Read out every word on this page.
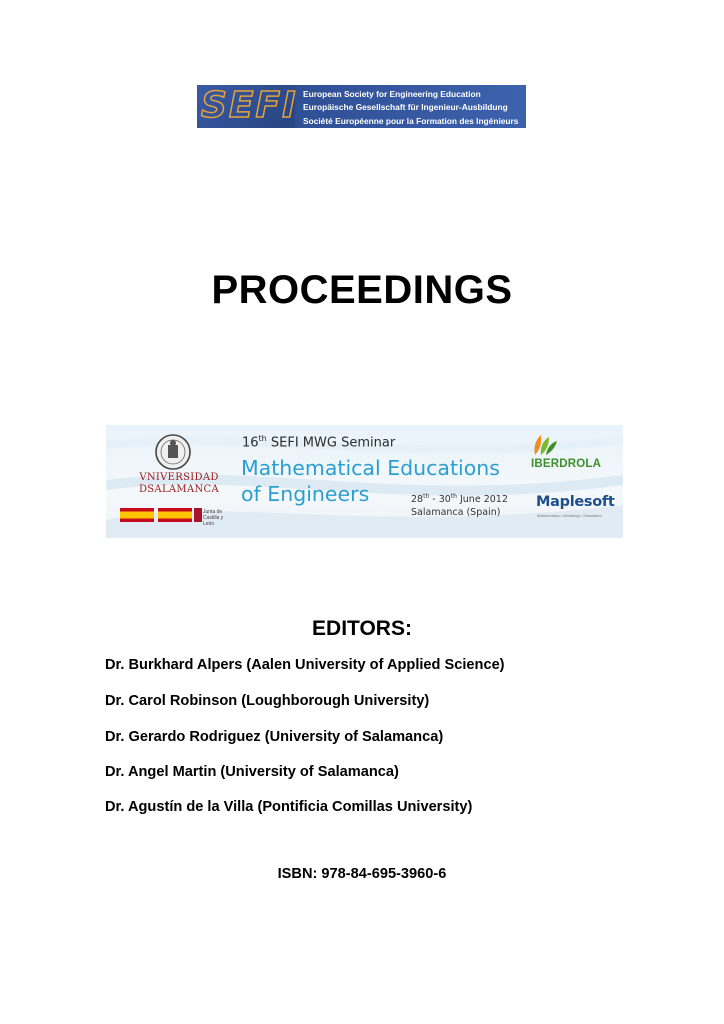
SEFI European Society for Engineering Education
Europäische Gesellschaft für Ingenieur-Ausbildung
Société Européenne pour la Formation des Ingénieurs
PROCEEDINGS
VNIVERSIDAD
DSALAMANCA
Junta de Castilla y León
16th SEFI MWG Seminar
Mathematical Educations
of Engineers	28th - 30th June 2012
Salamanca (Spain)
IBERDROLA
Maplesoft
Mathematics • Modeling • Simulation
EDITORS:
Dr. Burkhard Alpers (Aalen University of Applied Science)
Dr. Carol Robinson (Loughborough University)
Dr. Gerardo Rodriguez (University of Salamanca)
Dr. Angel Martin (University of Salamanca)
Dr. Agustín de la Villa (Pontificia Comillas University)
ISBN: 978-84-695-3960-6
